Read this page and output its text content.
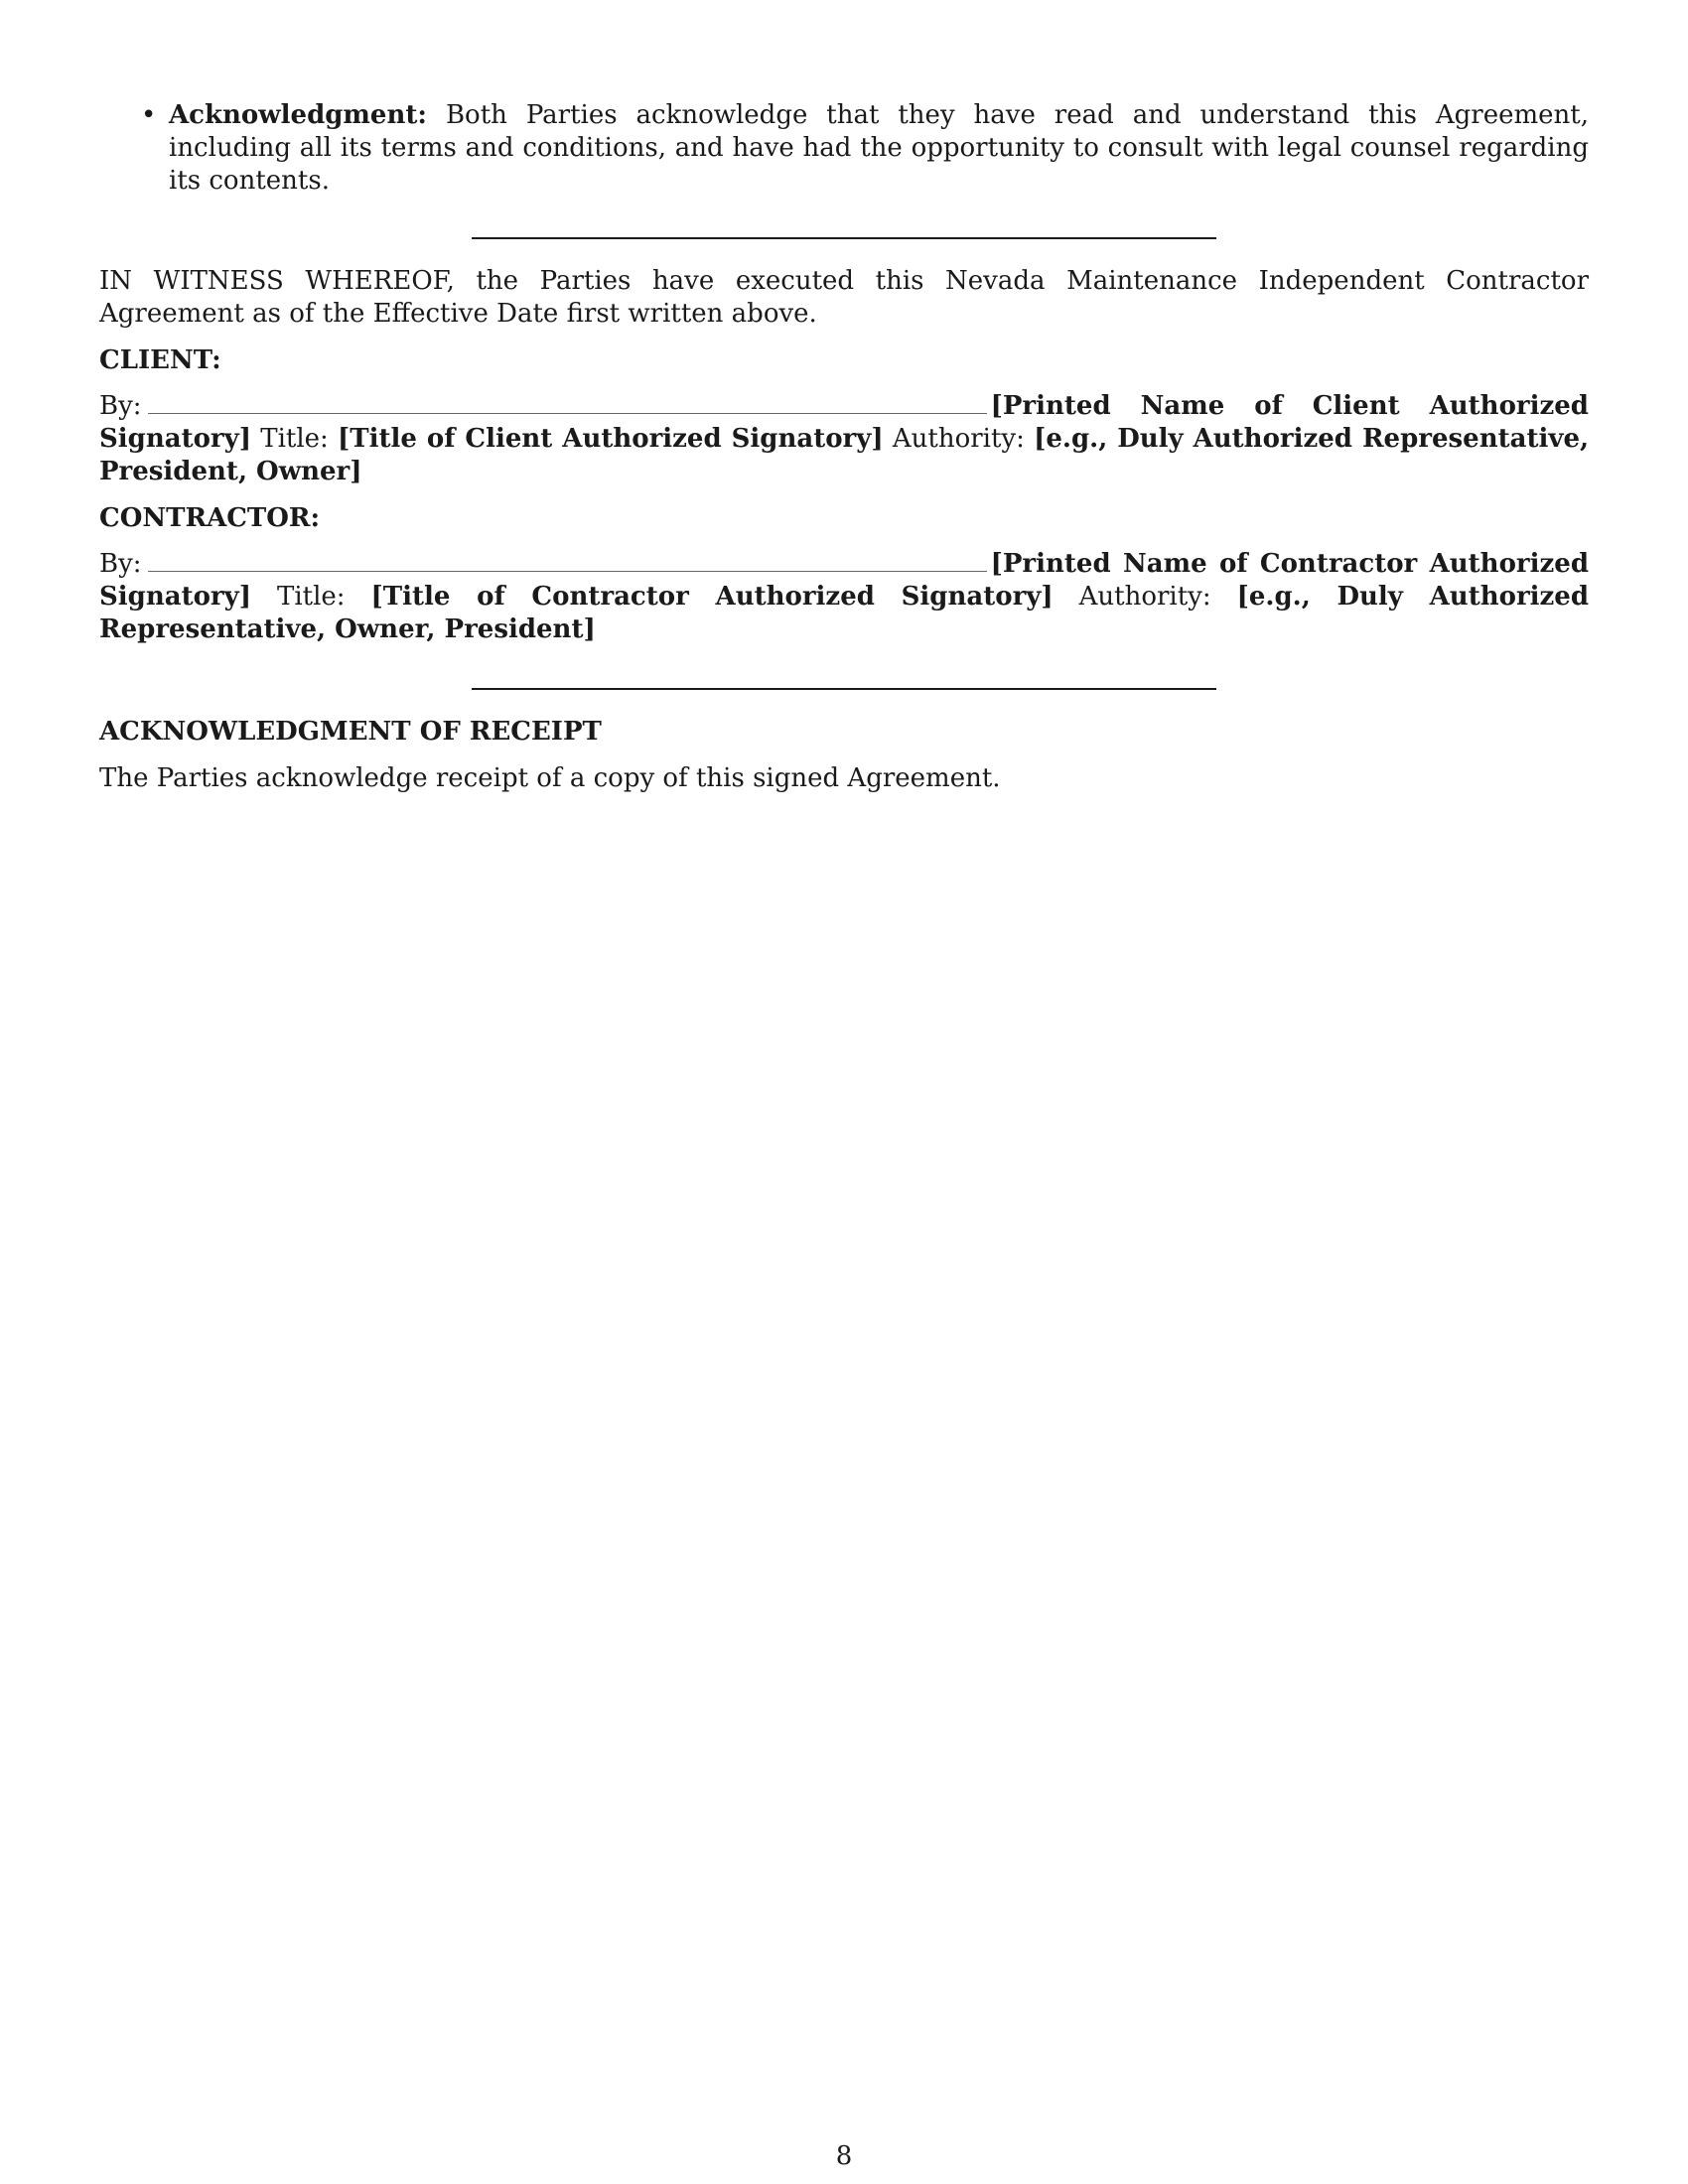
• Acknowledgment: Both Parties acknowledge that they have read and understand this Agreement, including all its terms and conditions, and have had the opportunity to consult with legal counsel regarding its contents.

IN WITNESS WHEREOF, the Parties have executed this Nevada Maintenance Independent Contractor Agreement as of the Effective Date first written above.

CLIENT:

By:	[Printed Name of Client Authorized Signatory] Title: [Title of Client Authorized Signatory] Authority: [e.g., Duly Authorized Representative, President, Owner]

CONTRACTOR:

By:	[Printed Name of Contractor Authorized Signatory] Title: [Title of Contractor Authorized Signatory] Authority: [e.g., Duly Authorized Representative, Owner, President]

ACKNOWLEDGMENT OF RECEIPT

The Parties acknowledge receipt of a copy of this signed Agreement.

8
